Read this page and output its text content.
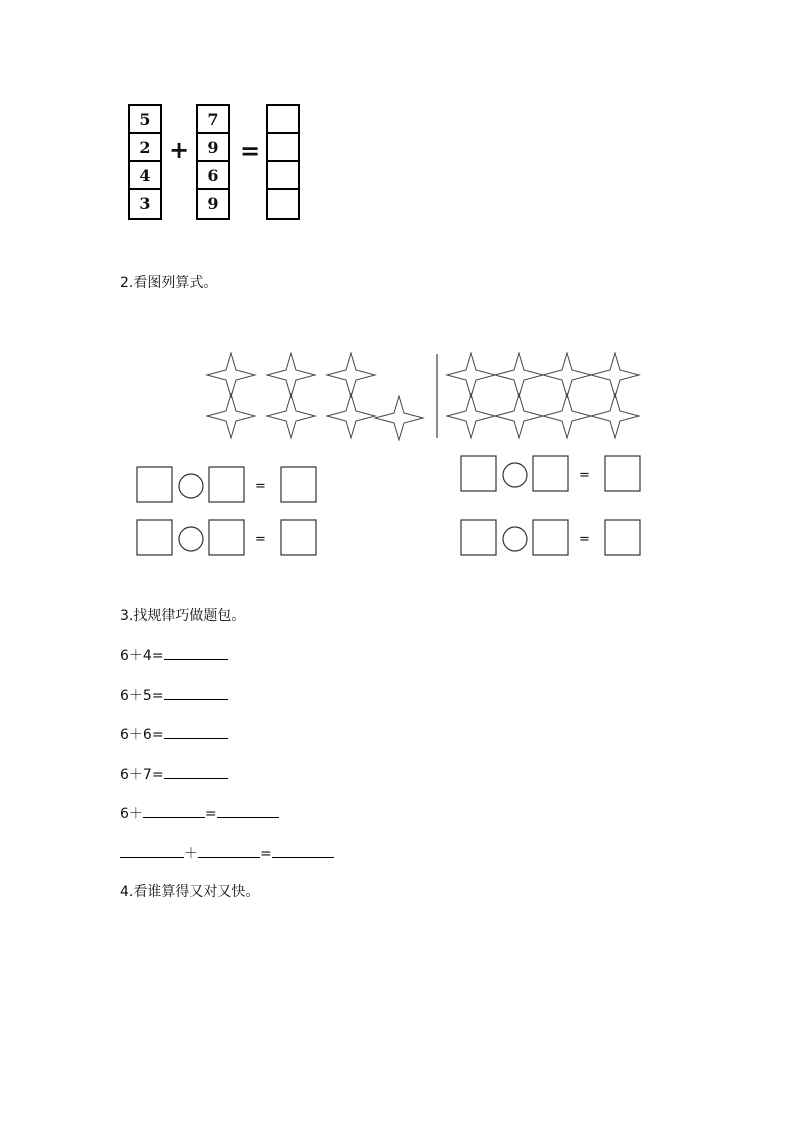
5
2
4
3
+
7
9
6
9
=
2.看图列算式。
=
=
=
=
3.找规律巧做题包。
6＋4=
6＋5=
6＋6=
6＋7=
6＋	=
＋	=
4.看谁算得又对又快。
